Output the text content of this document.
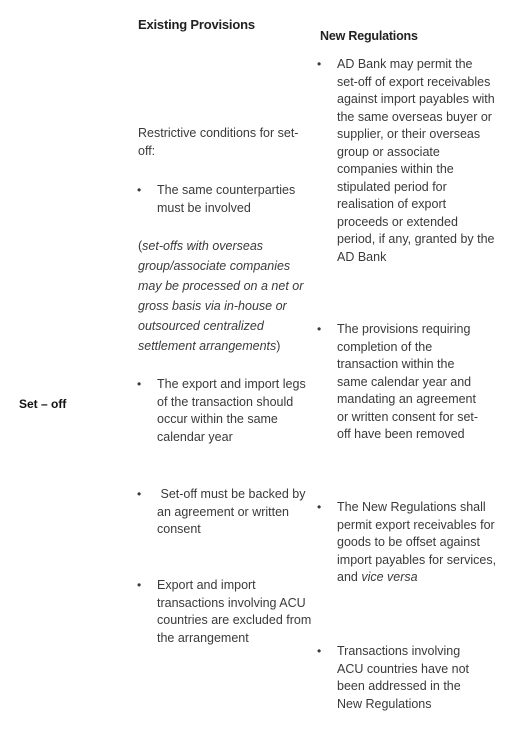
Existing Provisions
New Regulations
Set – off
Restrictive conditions for set-off:
• The same counterparties must be involved
(set-offs with overseas group/associate companies may be processed on a net or gross basis via in-house or outsourced centralized settlement arrangements)
• The export and import legs of the transaction should occur within the same calendar year
• Set-off must be backed by an agreement or written consent
• Export and import transactions involving ACU countries are excluded from the arrangement
• AD Bank may permit the set-off of export receivables against import payables with the same overseas buyer or supplier, or their overseas group or associate companies within the stipulated period for realisation of export proceeds or extended period, if any, granted by the AD Bank
• The provisions requiring completion of the transaction within the same calendar year and mandating an agreement or written consent for set-off have been removed
• The New Regulations shall permit export receivables for goods to be offset against import payables for services, and vice versa
• Transactions involving ACU countries have not been addressed in the New Regulations
